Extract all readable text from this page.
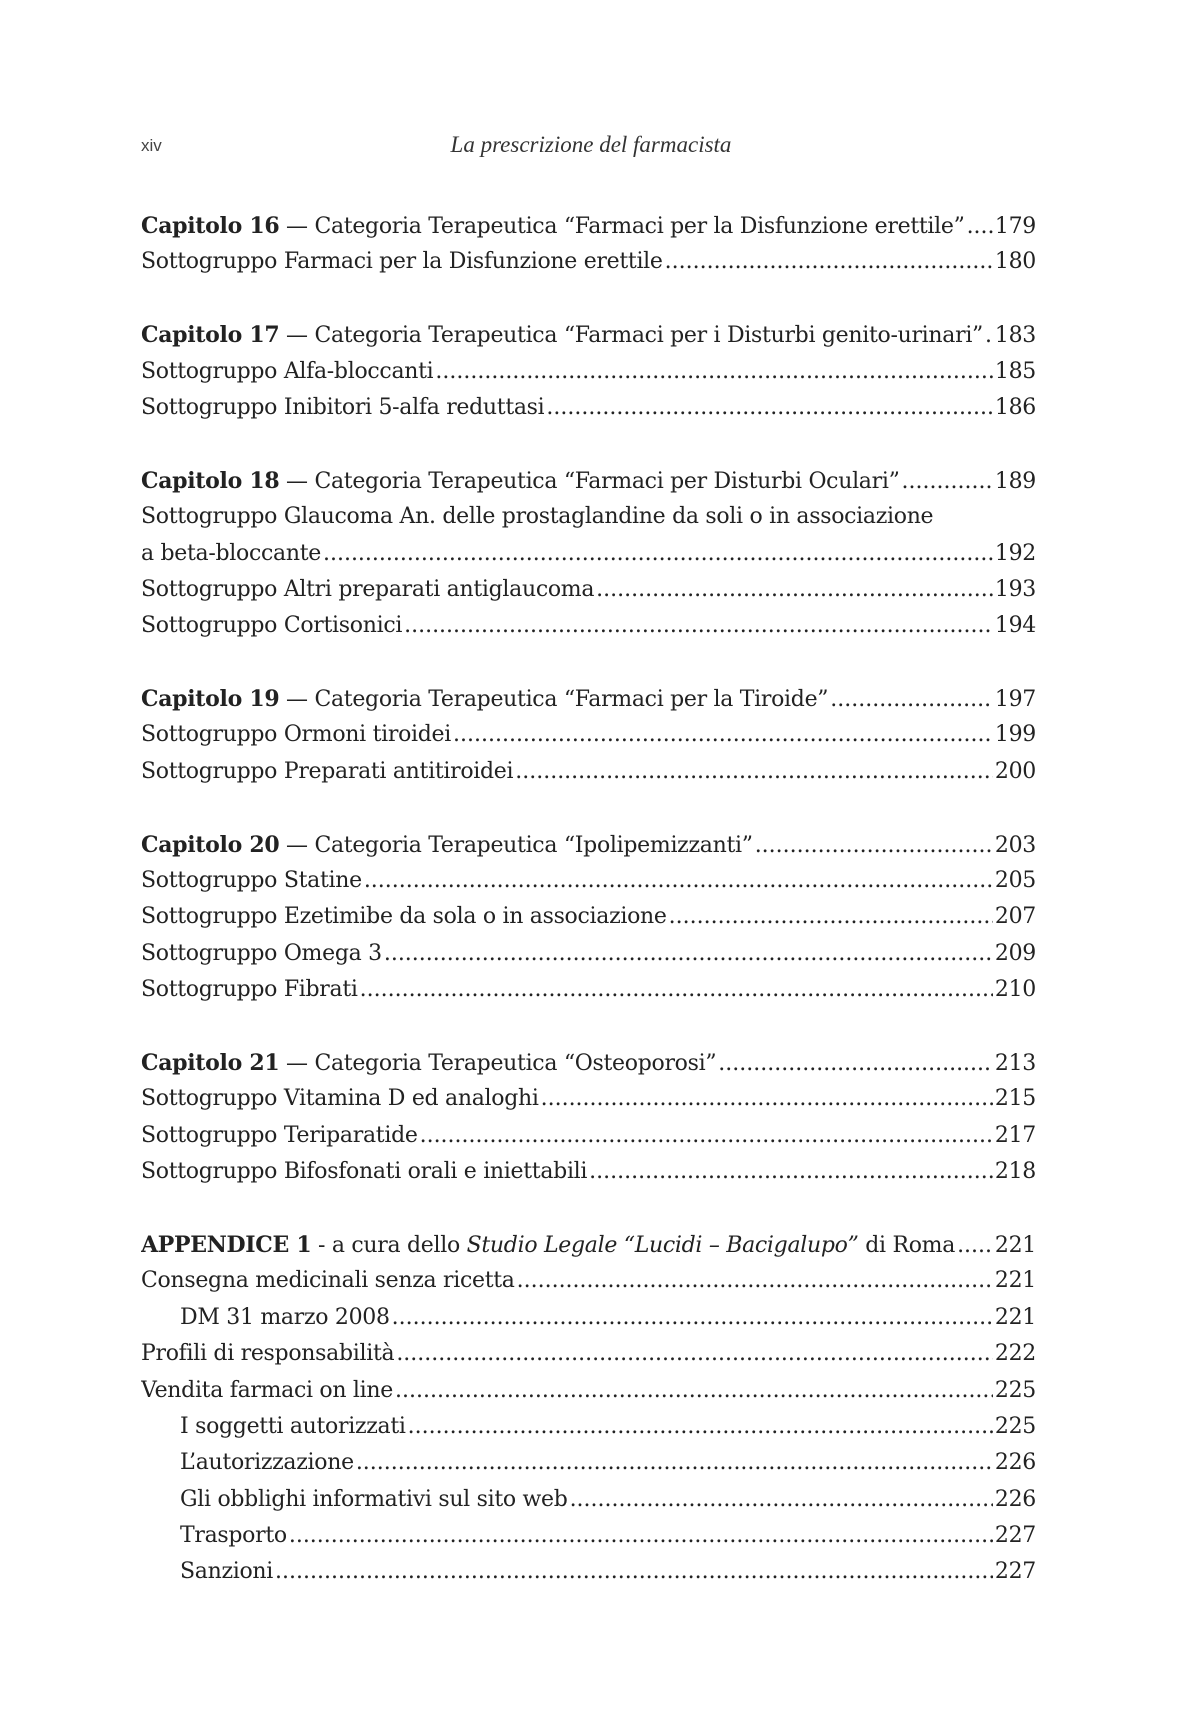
xiv	La prescrizione del farmacista
Capitolo 16 — Categoria Terapeutica “Farmaci per la Disfunzione erettile” ..... 179
Sottogruppo Farmaci per la Disfunzione erettile .....	180
Capitolo 17 — Categoria Terapeutica “Farmaci per i Disturbi genito-urinari” ..... 183
Sottogruppo Alfa-bloccanti .....	185
Sottogruppo Inibitori 5-alfa reduttasi .....	186
Capitolo 18 — Categoria Terapeutica “Farmaci per Disturbi Oculari” .....	189
Sottogruppo Glaucoma An. delle prostaglandine da soli o in associazione
a beta-bloccante .....	192
Sottogruppo Altri preparati antiglaucoma .....	193
Sottogruppo Cortisonici .....	194
Capitolo 19 — Categoria Terapeutica “Farmaci per la Tiroide” .....	197
Sottogruppo Ormoni tiroidei .....	199
Sottogruppo Preparati antitiroidei .....	200
Capitolo 20 — Categoria Terapeutica “Ipolipemizzanti” .....	203
Sottogruppo Statine .....	205
Sottogruppo Ezetimibe da sola o in associazione .....	207
Sottogruppo Omega 3 .....	209
Sottogruppo Fibrati .....	210
Capitolo 21 — Categoria Terapeutica “Osteoporosi” .....	213
Sottogruppo Vitamina D ed analoghi .....	215
Sottogruppo Teriparatide .....	217
Sottogruppo Bifosfonati orali e iniettabili .....	218
APPENDICE 1 - a cura dello Studio Legale “Lucidi – Bacigalupo” di Roma ..... 221
Consegna medicinali senza ricetta .....	221
DM 31 marzo 2008 .....	221
Profili di responsabilità .....	222
Vendita farmaci on line .....	225
I soggetti autorizzati .....	225
L’autorizzazione .....	226
Gli obblighi informativi sul sito web .....	226
Trasporto .....	227
Sanzioni .....	227
